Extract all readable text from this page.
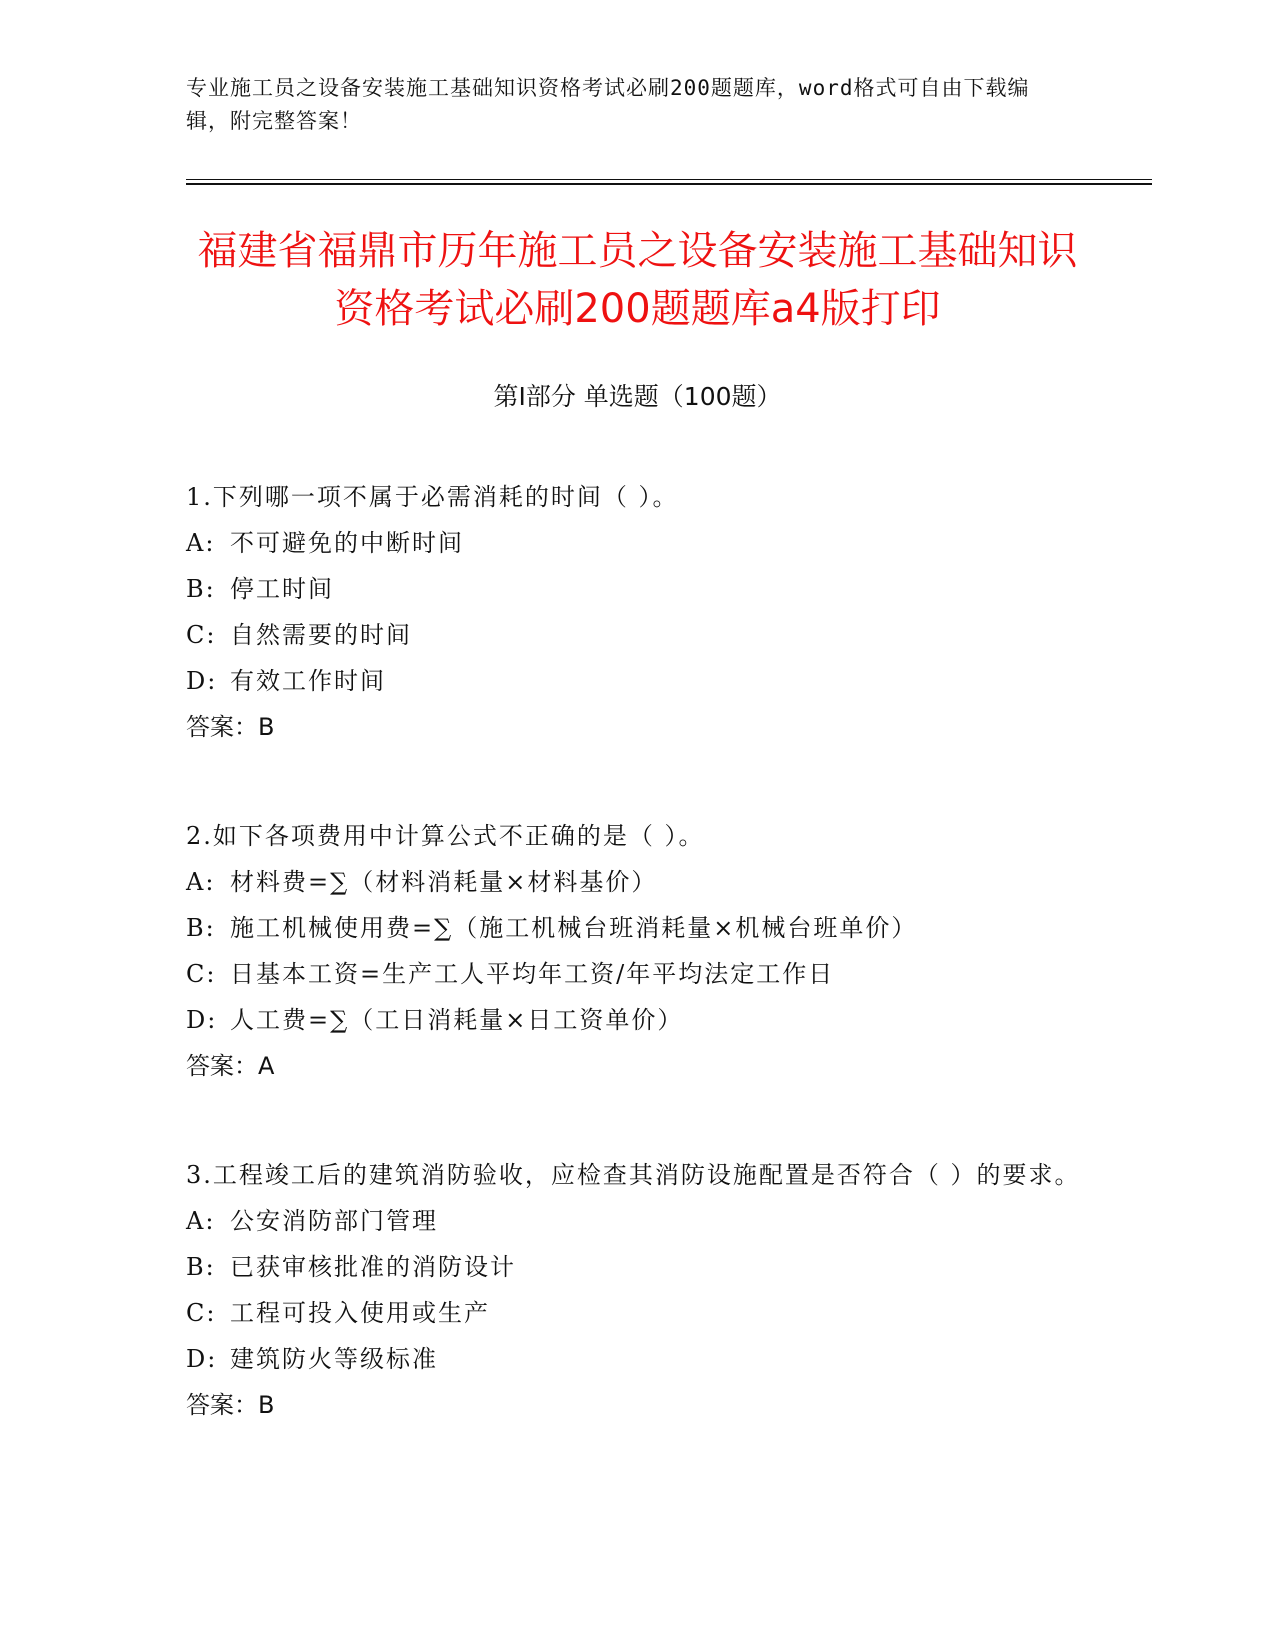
专业施工员之设备安装施工基础知识资格考试必刷200题题库，word格式可自由下载编辑，附完整答案！
福建省福鼎市历年施工员之设备安装施工基础知识资格考试必刷200题题库a4版打印
第Ⅰ部分 单选题（100题）
1.下列哪一项不属于必需消耗的时间（ ）。
A: 不可避免的中断时间
B: 停工时间
C: 自然需要的时间
D: 有效工作时间
答案：B
2.如下各项费用中计算公式不正确的是（ ）。
A: 材料费=∑（材料消耗量×材料基价）
B: 施工机械使用费=∑（施工机械台班消耗量×机械台班单价）
C: 日基本工资=生产工人平均年工资/年平均法定工作日
D: 人工费=∑（工日消耗量×日工资单价）
答案：A
3.工程竣工后的建筑消防验收，应检查其消防设施配置是否符合（ ）的要求。
A: 公安消防部门管理
B: 已获审核批准的消防设计
C: 工程可投入使用或生产
D: 建筑防火等级标准
答案：B
